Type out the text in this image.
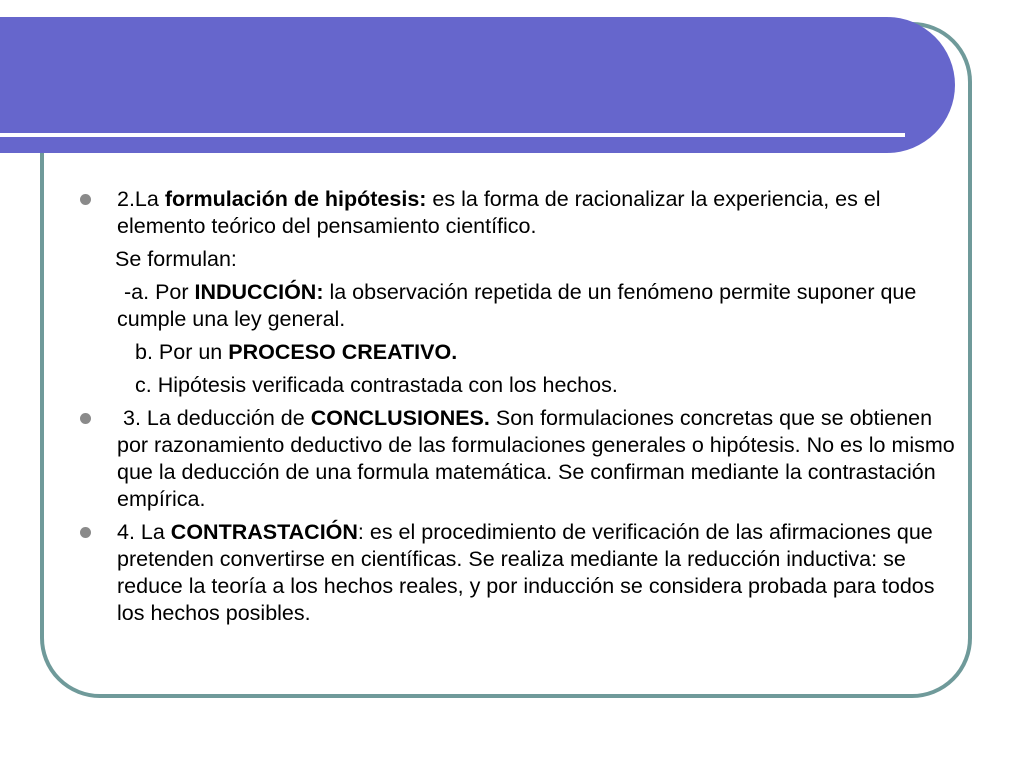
2.La formulación de hipótesis: es la forma de racionalizar la experiencia, es el elemento teórico del pensamiento científico.
Se formulan:
-a. Por INDUCCIÓN: la observación repetida de un fenómeno permite suponer que cumple una ley general.
b. Por un PROCESO CREATIVO.
c. Hipótesis verificada contrastada con los hechos.
3. La deducción de CONCLUSIONES. Son formulaciones concretas que se obtienen por razonamiento deductivo de las formulaciones generales o hipótesis. No es lo mismo que la deducción de una formula matemática. Se confirman mediante la contrastación empírica.
4. La CONTRASTACIÓN: es el procedimiento de verificación de las afirmaciones que pretenden convertirse en científicas. Se realiza mediante la reducción inductiva: se reduce la teoría a los hechos reales, y por inducción se considera probada para todos los hechos posibles.
